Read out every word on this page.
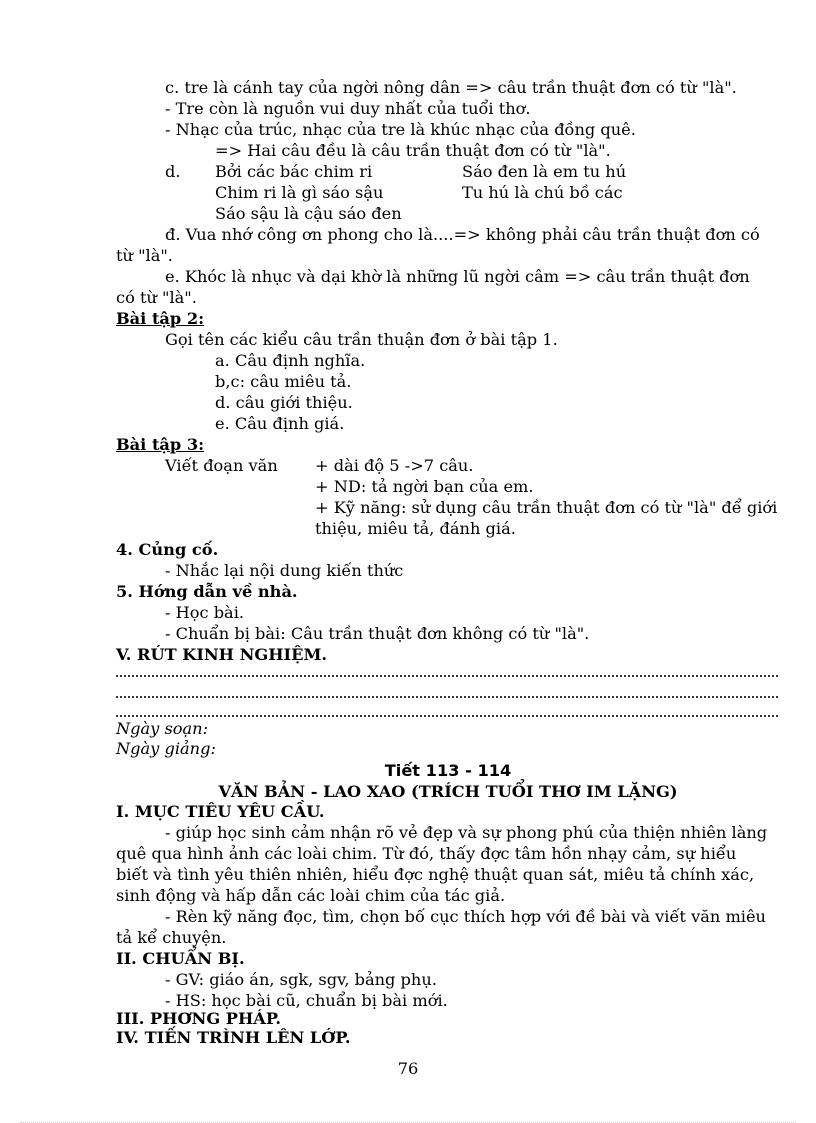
c. tre là cánh tay của ngời nông dân => câu trần thuật đơn có từ "là".
- Tre còn là nguồn vui duy nhất của tuổi thơ.
- Nhạc của trúc, nhạc của tre là khúc nhạc của đồng quê.
=> Hai câu đều là câu trần thuật đơn có từ "là".
d. Bởi các bác chim ri	Sáo đen là em tu hú
Chim ri là gì sáo sậu	Tu hú là chú bồ các
Sáo sậu là cậu sáo đen
đ. Vua nhớ công ơn phong cho là....=> không phải câu trần thuật đơn có
từ "là".
e. Khóc là nhục và dại khờ là những lũ ngời câm => câu trần thuật đơn
có từ "là".
Bài tập 2:
Gọi tên các kiểu câu trần thuận đơn ở bài tập 1.
a. Câu định nghĩa.
b,c: câu miêu tả.
d. câu giới thiệu.
e. Câu định giá.
Bài tập 3:
Viết đoạn văn + dài độ 5 ->7 câu.
+ ND: tả ngời bạn của em.
+ Kỹ năng: sử dụng câu trần thuật đơn có từ "là" để giới
thiệu, miêu tả, đánh giá.
4. Củng cố.
- Nhắc lại nội dung kiến thức
5. Hớng dẫn về nhà.
- Học bài.
- Chuẩn bị bài: Câu trần thuật đơn không có từ "là".
V. RÚT KINH NGHIỆM.
Ngày soạn:
Ngày giảng:
Tiết 113 - 114
VĂN BẢN - LAO XAO (TRÍCH TUỔI THƠ IM LẶNG)
I. MỤC TIÊU YÊU CẦU.
- giúp học sinh cảm nhận rõ vẻ đẹp và sự phong phú của thiện nhiên làng
quê qua hình ảnh các loài chim. Từ đó, thấy đợc tâm hồn nhạy cảm, sự hiểu
biết và tình yêu thiên nhiên, hiểu đợc nghệ thuật quan sát, miêu tả chính xác,
sinh động và hấp dẫn các loài chim của tác giả.
- Rèn kỹ năng đọc, tìm, chọn bố cục thích hợp với đề bài và viết văn miêu
tả kể chuyện.
II. CHUẨN BỊ.
- GV: giáo án, sgk, sgv, bảng phụ.
- HS: học bài cũ, chuẩn bị bài mới.
III. PHƠNG PHÁP.
IV. TIẾN TRÌNH LÊN LỚP.
76
